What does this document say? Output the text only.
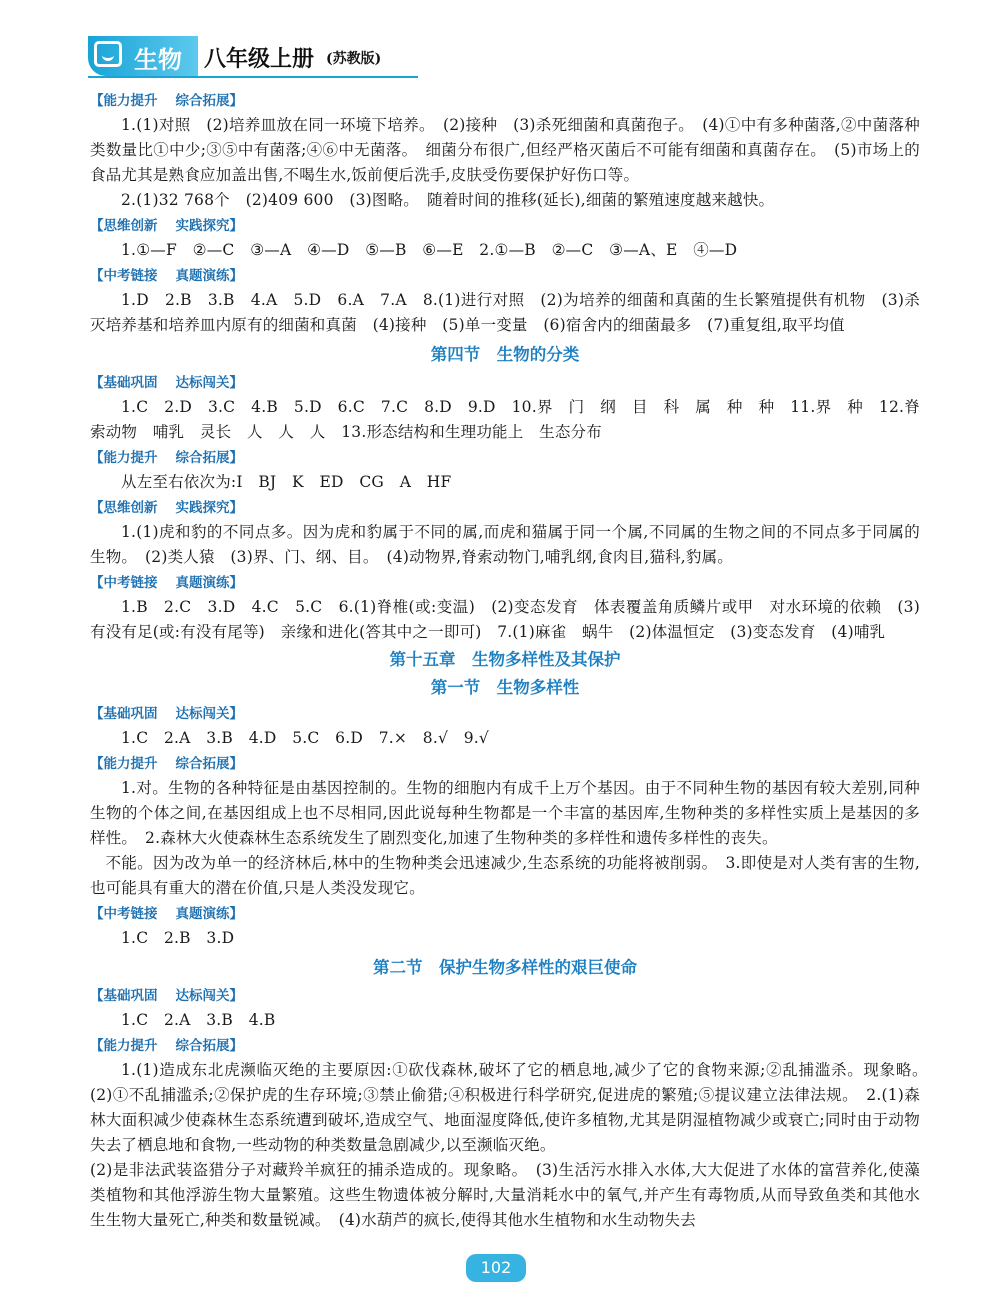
生物 八年级上册 (苏教版)
【能力提升 综合拓展】

1.(1)对照　(2)培养皿放在同一环境下培养。　(2)接种　(3)杀死细菌和真菌孢子。　(4)①中有多种菌落,②中菌落种类数量比①中少;③⑤中有菌落;④⑥中无菌落。　细菌分布很广,但经严格灭菌后不可能有细菌和真菌存在。　(5)市场上的食品尤其是熟食应加盖出售,不喝生水,饭前便后洗手,皮肤受伤要保护好伤口等。

2.(1)32 768个　(2)409 600　(3)图略。　随着时间的推移(延长),细菌的繁殖速度越来越快。

【思维创新 实践探究】

1.①—F　②—C　③—A　④—D　⑤—B　⑥—E　2.①—B　②—C　③—A、E　④—D

【中考链接 真题演练】

1.D　2.B　3.B　4.A　5.D　6.A　7.A　8.(1)进行对照　(2)为培养的细菌和真菌的生长繁殖提供有机物　(3)杀灭培养基和培养皿内原有的细菌和真菌　(4)接种　(5)单一变量　(6)宿舍内的细菌最多　(7)重复组,取平均值

第四节　生物的分类
【基础巩固 达标闯关】

1.C　2.D　3.C　4.B　5.D　6.C　7.C　8.D　9.D　10.界　门　纲　目　科　属　种　种　11.界　种　12.脊索动物　哺乳　灵长　人　人　人　13.形态结构和生理功能上　生态分布

【能力提升 综合拓展】

从左至右依次为:I　BJ　K　ED　CG　A　HF

【思维创新 实践探究】

1.(1)虎和豹的不同点多。因为虎和豹属于不同的属,而虎和猫属于同一个属,不同属的生物之间的不同点多于同属的生物。　(2)类人猿　(3)界、门、纲、目。　(4)动物界,脊索动物门,哺乳纲,食肉目,猫科,豹属。

【中考链接 真题演练】

1.B　2.C　3.D　4.C　5.C　6.(1)脊椎(或:变温)　(2)变态发育　体表覆盖角质鳞片或甲　对水环境的依赖　(3)有没有足(或:有没有尾等)　亲缘和进化(答其中之一即可)　7.(1)麻雀　蜗牛　(2)体温恒定　(3)变态发育　(4)哺乳

第十五章　生物多样性及其保护
第一节　生物多样性
【基础巩固 达标闯关】

1.C　2.A　3.B　4.D　5.C　6.D　7.×　8.√　9.√

【能力提升 综合拓展】

1.对。生物的各种特征是由基因控制的。生物的细胞内有成千上万个基因。由于不同种生物的基因有较大差别,同种生物的个体之间,在基因组成上也不尽相同,因此说每种生物都是一个丰富的基因库,生物种类的多样性实质上是基因的多样性。　2.森林大火使森林生态系统发生了剧烈变化,加速了生物种类的多样性和遗传多样性的丧失。

不能。因为改为单一的经济林后,林中的生物种类会迅速减少,生态系统的功能将被削弱。　3.即使是对人类有害的生物,也可能具有重大的潜在价值,只是人类没发现它。

【中考链接 真题演练】

1.C　2.B　3.D

第二节　保护生物多样性的艰巨使命
【基础巩固 达标闯关】

1.C　2.A　3.B　4.B

【能力提升 综合拓展】

1.(1)造成东北虎濒临灭绝的主要原因:①砍伐森林,破坏了它的栖息地,减少了它的食物来源;②乱捕滥杀。现象略。　(2)①不乱捕滥杀;②保护虎的生存环境;③禁止偷猎;④积极进行科学研究,促进虎的繁殖;⑤提议建立法律法规。　2.(1)森林大面积减少使森林生态系统遭到破坏,造成空气、地面湿度降低,使许多植物,尤其是阴湿植物减少或衰亡;同时由于动物失去了栖息地和食物,一些动物的种类数量急剧减少,以至濒临灭绝。

(2)是非法武装盗猎分子对藏羚羊疯狂的捕杀造成的。现象略。　(3)生活污水排入水体,大大促进了水体的富营养化,使藻类植物和其他浮游生物大量繁殖。这些生物遗体被分解时,大量消耗水中的氧气,并产生有毒物质,从而导致鱼类和其他水生生物大量死亡,种类和数量锐减。　(4)水葫芦的疯长,使得其他水生植物和水生动物失去

102
